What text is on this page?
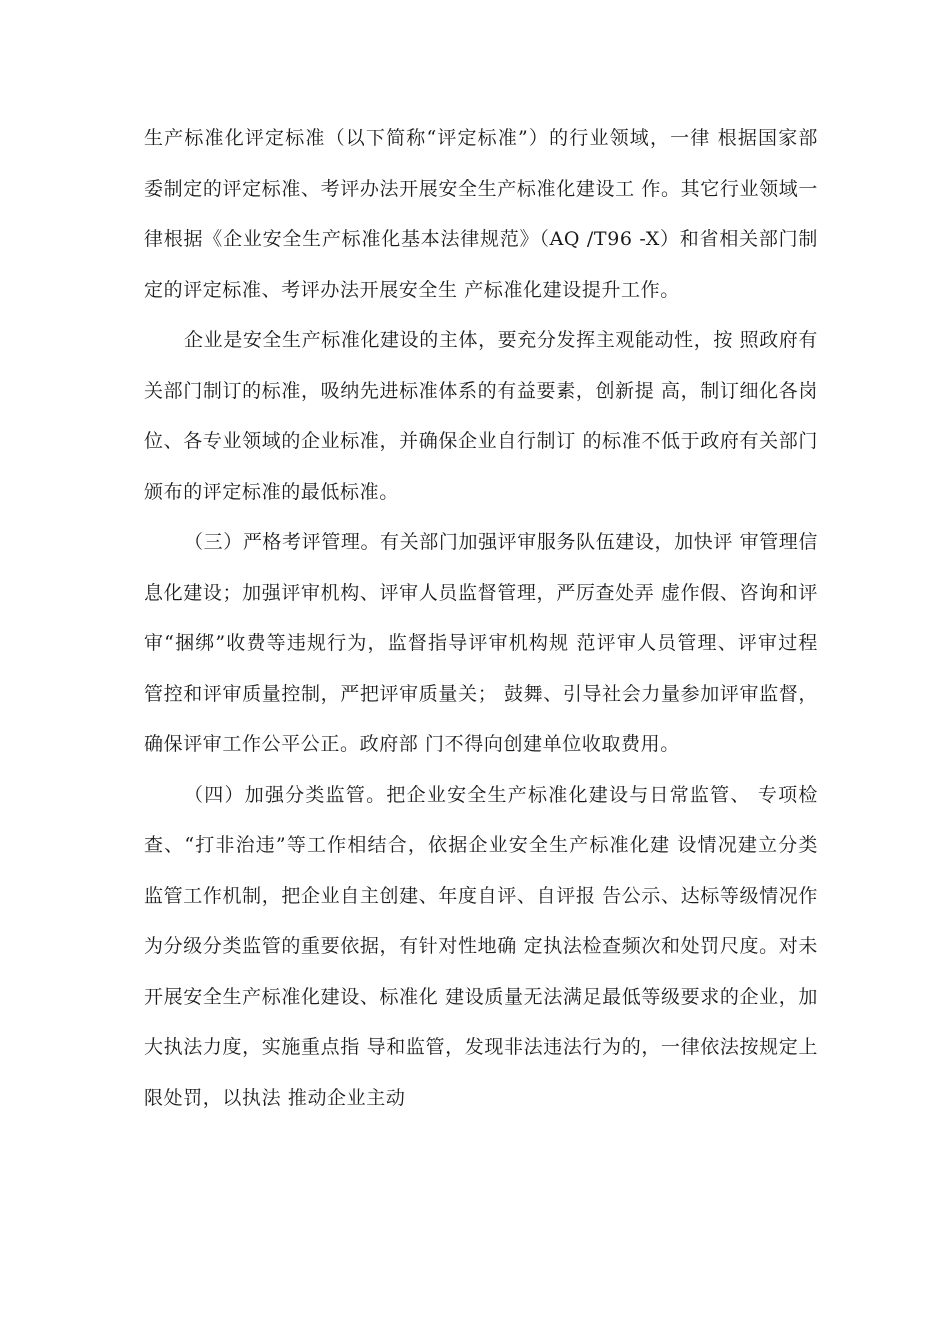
生产标准化评定标准（以下简称“评定标准”）的行业领域，一律 根据国家部委制定的评定标准、考评办法开展安全生产标准化建设工 作。其它行业领域一律根据《企业安全生产标准化基本法律规范》（AQ /T96 -X）和省相关部门制定的评定标准、考评办法开展安全生 产标准化建设提升工作。

企业是安全生产标准化建设的主体，要充分发挥主观能动性，按 照政府有关部门制订的标准，吸纳先进标准体系的有益要素，创新提 高，制订细化各岗位、各专业领域的企业标准，并确保企业自行制订 的标准不低于政府有关部门颁布的评定标准的最低标准。

（三）严格考评管理。有关部门加强评审服务队伍建设，加快评 审管理信息化建设；加强评审机构、评审人员监督管理，严厉查处弄 虚作假、咨询和评审“捆绑”收费等违规行为，监督指导评审机构规 范评审人员管理、评审过程管控和评审质量控制，严把评审质量关； 鼓舞、引导社会力量参加评审监督，确保评审工作公平公正。政府部 门不得向创建单位收取费用。

（四）加强分类监管。把企业安全生产标准化建设与日常监管、 专项检查、“打非治违”等工作相结合，依据企业安全生产标准化建 设情况建立分类监管工作机制，把企业自主创建、年度自评、自评报 告公示、达标等级情况作为分级分类监管的重要依据，有针对性地确 定执法检查频次和处罚尺度。对未开展安全生产标准化建设、标准化 建设质量无法满足最低等级要求的企业，加大执法力度，实施重点指 导和监管，发现非法违法行为的，一律依法按规定上限处罚，以执法 推动企业主动
